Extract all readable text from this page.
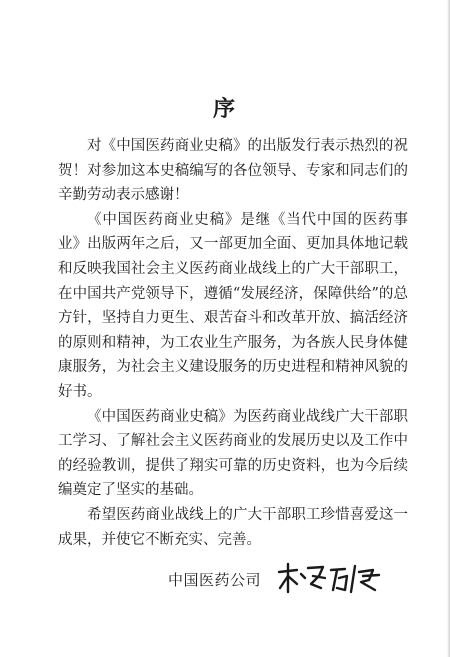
序

对《中国医药商业史稿》的出版发行表示热烈的祝贺！对参加这本史稿编写的各位领导、专家和同志们的辛勤劳动表示感谢！

《中国医药商业史稿》是继《当代中国的医药事业》出版两年之后，又一部更加全面、更加具体地记载和反映我国社会主义医药商业战线上的广大干部职工，在中国共产党领导下，遵循“发展经济，保障供给”的总方针，坚持自力更生、艰苦奋斗和改革开放、搞活经济的原则和精神，为工农业生产服务，为各族人民身体健康服务，为社会主义建设服务的历史进程和精神风貌的好书。

《中国医药商业史稿》为医药商业战线广大干部职工学习、了解社会主义医药商业的发展历史以及工作中的经验教训，提供了翔实可靠的历史资料，也为今后续编奠定了坚实的基础。

希望医药商业战线上的广大干部职工珍惜喜爱这一成果，并使它不断充实、完善。

中国医药公司
